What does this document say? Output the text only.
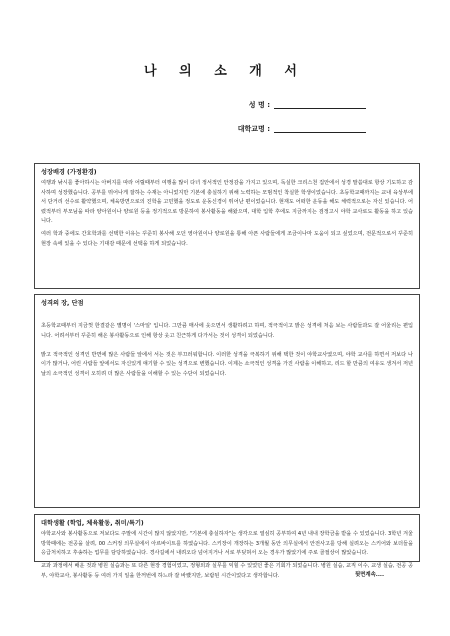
나 의 소 개 서
성 명 :
대학교명 :
성장배경 (가정환경)

여행과 낚시를 좋아하시는 아버지를 따라 어릴때부터 여행을 많이 다녀 정서적인 안정감을 가지고 있으며, 독실한 크리스천 집안에서 성경 말씀대로 항상 기도하고 감사하며 성장했습니다. 공부를 뛰어나게 잘하는 수재는 아니었지만 기본에 충실하기 위해 노력하는 모범적인 착실한 학생이었습니다. 초등학교때까지는 교내 육상부에서 단거리 선수로 활약했으며, 체육방면으로의 진학을 고민했을 정도로 운동신경이 뛰어난 편이었습니다. 현재도 어떠한 운동을 해도 체력적으로는 자신 있습니다. 어렸적부터 부모님을 따라 양아원이나 양로원 등을 정기적으로 방문하여 봉사활동을 해왔으며, 대학 입학 후에도 지금까지는 검정고시 야학 교사로도 활동을 하고 있습니다.

여러 학과 중에도 간호학과를 선택한 이유는 꾸준히 봉사해 오던 영아원이나 양로원을 통해 아픈 사람들에게 조금이나마 도움이 되고 싶었으며, 전문적으로서 꾸준히 현장 속에 있을 수 있다는 기대감 때문에 선택을 하게 되었습니다.

성격의 장, 단점

초등학교때부터 지금껏 한결같은 별명이 '스마일' 입니다. 그만큼 매사에 웃으면서 생활하려고 하며, 적극적이고 밝은 성격에 처음 보는 사람들과도 잘 어울리는 편입니다. 어려서부터 꾸준히 해온 봉사활동으로 인해 항상 웃고 친근하게 다가서는 것이 성격이 되었습니다.

밝고 적극적인 성격인 반면에 많은 사람들 앞에서 서는 것은 부끄러워합니다. 이러한 성격을 극복하기 위해 택한 것이 야학교사였으며, 야학 교사를 하면서 저보다 나이가 많거나, 어린 사람들 앞에서도 자신있게 얘기할 수 있는 성격으로 변했습니다. 이제는 소극적인 성격을 가진 사람을 이해하고, 리드 할 만큼의 여유도 생겨서 저년날의 소극적인 성격이 오히려 더 많은 사람들을 이해할 수 있는 수단이 되었습니다.

대학생활 (학업, 체육활동, 취미/특기)

야학교사와 봉사활동으로 저보다도 주말에 시간이 많지 않았지만, "기본에 충실하자"는 생각으로 열심히 공부하여 4년 내내 장학금을 받을 수 있었습니다. 3학년 겨울 방학때에는 전공을 살려, 00 스커정 의무실에서 아르바이트를 하였습니다. 스키장이 개장하는 3개월 동안 의무실에서 안전사고를 당해 실려오는 스키어와 보더들을 응급처치하고 후송하는 업무를 담당하였습니다. 경사길에서 내려오다 넘어지거나 서로 부딪혀서 오는 경우가 많았기에 주로 골절상이 많았습니다.

교과 과정에서 배운 것과 병원 실습과는 또 다른 현장 경험이었고, 정형외과 실무를 익힐 수 있었던 좋은 기회가 되었습니다. 병원 실습, 교직 이수, 교생 실습, 전공 공부, 야학교사, 봉사활동 등 여러 가지 일을 한꺼번에 하느라 잘 바빴지만, 보람된 시간이었다고 생각합니다.	뒷면계속....
